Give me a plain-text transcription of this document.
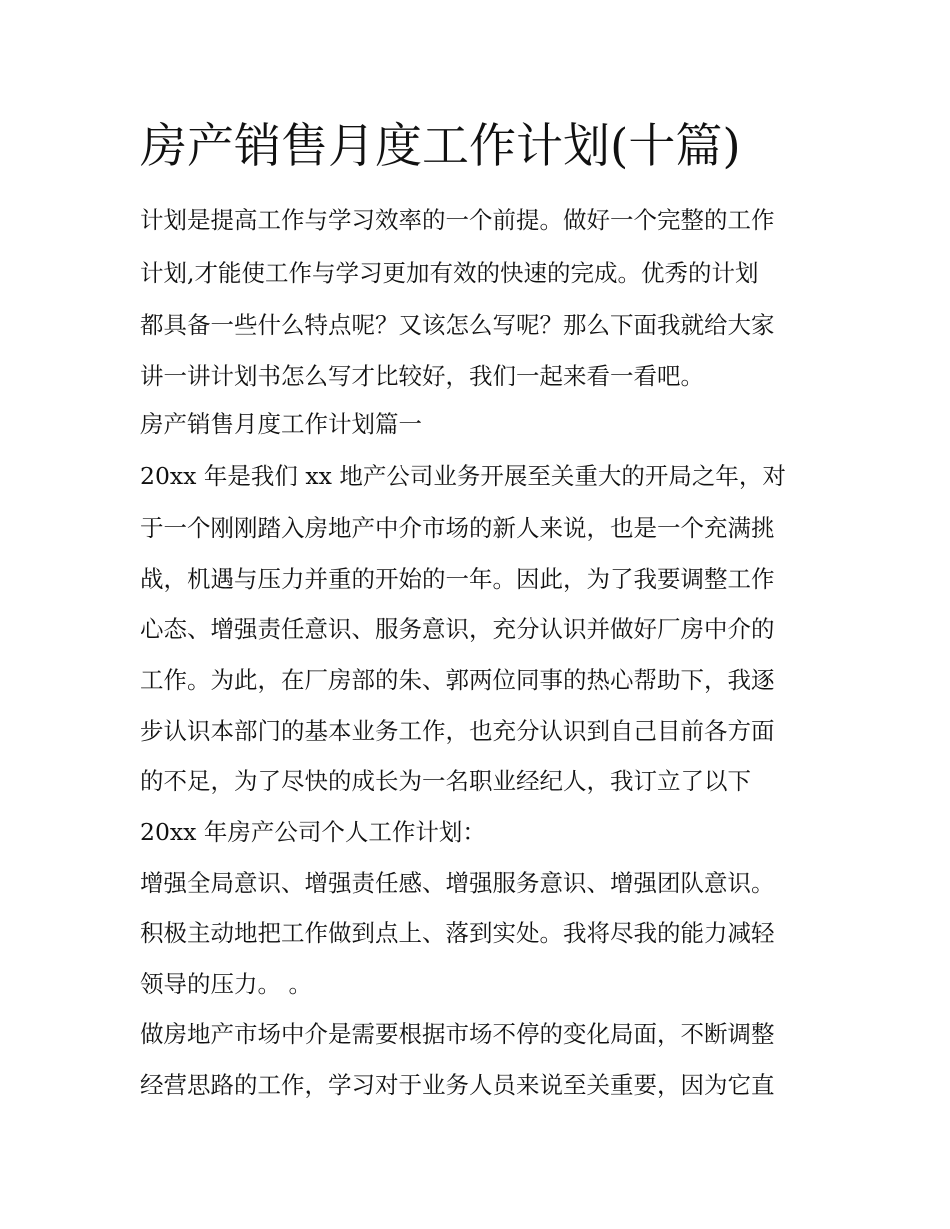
房产销售月度工作计划(十篇)

计划是提高工作与学习效率的一个前提。做好一个完整的工作

计划,才能使工作与学习更加有效的快速的完成。优秀的计划

都具备一些什么特点呢？又该怎么写呢？那么下面我就给大家

讲一讲计划书怎么写才比较好，我们一起来看一看吧。

房产销售月度工作计划篇一

20xx 年是我们 xx 地产公司业务开展至关重大的开局之年，对

于一个刚刚踏入房地产中介市场的新人来说，也是一个充满挑

战，机遇与压力并重的开始的一年。因此，为了我要调整工作

心态、增强责任意识、服务意识，充分认识并做好厂房中介的

工作。为此，在厂房部的朱、郭两位同事的热心帮助下，我逐

步认识本部门的基本业务工作，也充分认识到自己目前各方面

的不足，为了尽快的成长为一名职业经纪人，我订立了以下

20xx 年房产公司个人工作计划：

增强全局意识、增强责任感、增强服务意识、增强团队意识。

积极主动地把工作做到点上、落到实处。我将尽我的能力减轻

领导的压力。 。

做房地产市场中介是需要根据市场不停的变化局面，不断调整

经营思路的工作，学习对于业务人员来说至关重要，因为它直
